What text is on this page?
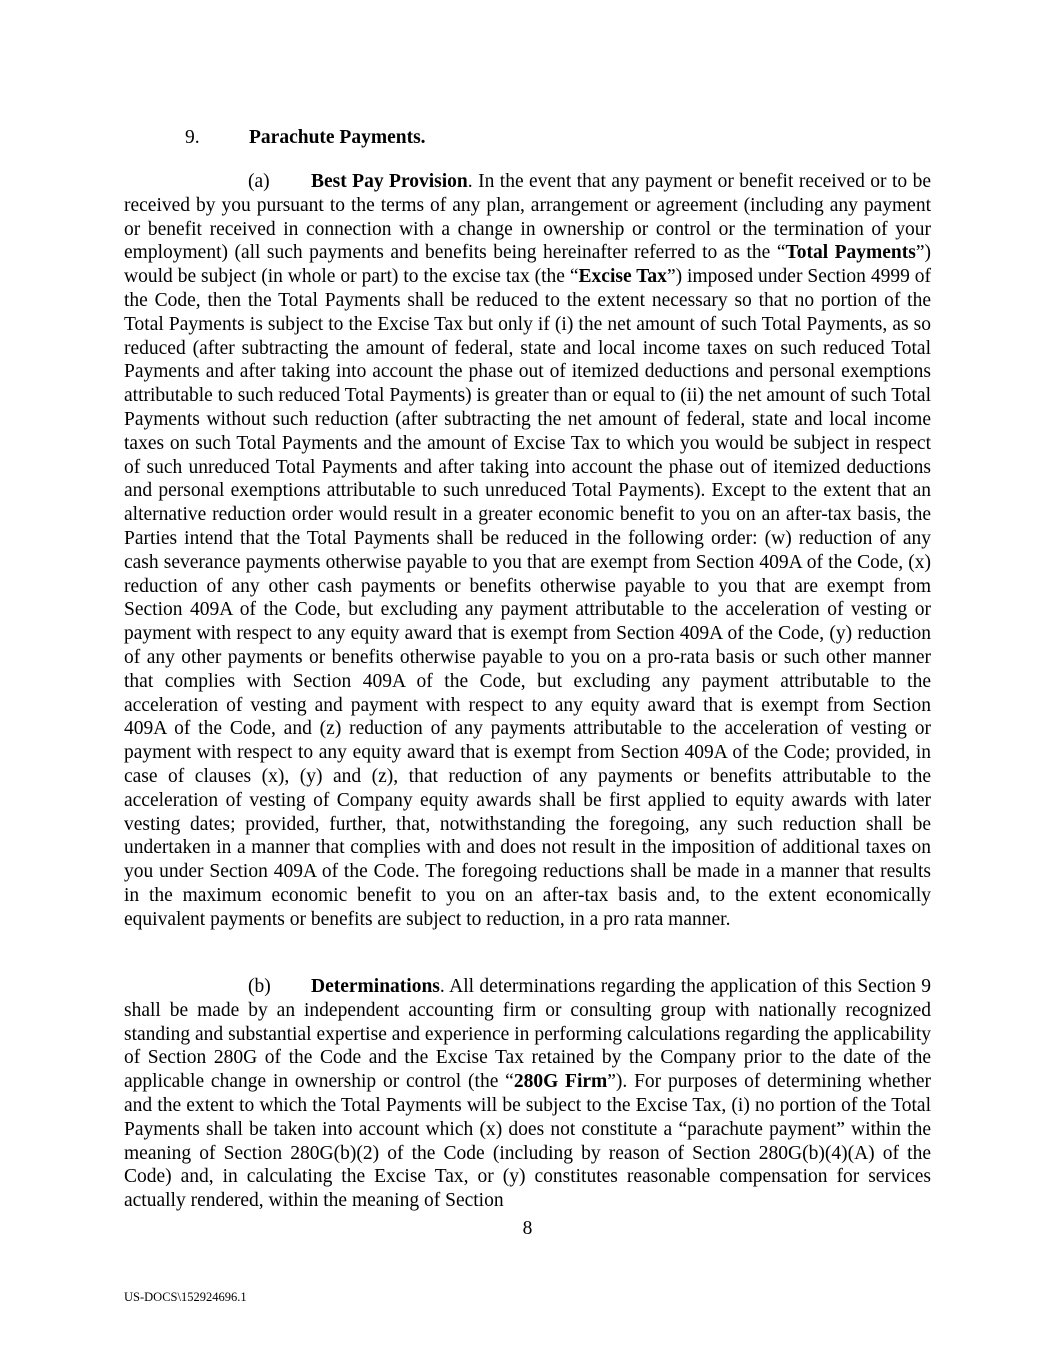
9.	Parachute Payments.

(a) Best Pay Provision. In the event that any payment or benefit received or to be received by you pursuant to the terms of any plan, arrangement or agreement (including any payment or benefit received in connection with a change in ownership or control or the termination of your employment) (all such payments and benefits being hereinafter referred to as the “Total Payments”) would be subject (in whole or part) to the excise tax (the “Excise Tax”) imposed under Section 4999 of the Code, then the Total Payments shall be reduced to the extent necessary so that no portion of the Total Payments is subject to the Excise Tax but only if (i) the net amount of such Total Payments, as so reduced (after subtracting the amount of federal, state and local income taxes on such reduced Total Payments and after taking into account the phase out of itemized deductions and personal exemptions attributable to such reduced Total Payments) is greater than or equal to (ii) the net amount of such Total Payments without such reduction (after subtracting the net amount of federal, state and local income taxes on such Total Payments and the amount of Excise Tax to which you would be subject in respect of such unreduced Total Payments and after taking into account the phase out of itemized deductions and personal exemptions attributable to such unreduced Total Payments). Except to the extent that an alternative reduction order would result in a greater economic benefit to you on an after-tax basis, the Parties intend that the Total Payments shall be reduced in the following order: (w) reduction of any cash severance payments otherwise payable to you that are exempt from Section 409A of the Code, (x) reduction of any other cash payments or benefits otherwise payable to you that are exempt from Section 409A of the Code, but excluding any payment attributable to the acceleration of vesting or payment with respect to any equity award that is exempt from Section 409A of the Code, (y) reduction of any other payments or benefits otherwise payable to you on a pro-rata basis or such other manner that complies with Section 409A of the Code, but excluding any payment attributable to the acceleration of vesting and payment with respect to any equity award that is exempt from Section 409A of the Code, and (z) reduction of any payments attributable to the acceleration of vesting or payment with respect to any equity award that is exempt from Section 409A of the Code; provided, in case of clauses (x), (y) and (z), that reduction of any payments or benefits attributable to the acceleration of vesting of Company equity awards shall be first applied to equity awards with later vesting dates; provided, further, that, notwithstanding the foregoing, any such reduction shall be undertaken in a manner that complies with and does not result in the imposition of additional taxes on you under Section 409A of the Code. The foregoing reductions shall be made in a manner that results in the maximum economic benefit to you on an after-tax basis and, to the extent economically equivalent payments or benefits are subject to reduction, in a pro rata manner.

(b) Determinations. All determinations regarding the application of this Section 9 shall be made by an independent accounting firm or consulting group with nationally recognized standing and substantial expertise and experience in performing calculations regarding the applicability of Section 280G of the Code and the Excise Tax retained by the Company prior to the date of the applicable change in ownership or control (the “280G Firm”). For purposes of determining whether and the extent to which the Total Payments will be subject to the Excise Tax, (i) no portion of the Total Payments shall be taken into account which (x) does not constitute a “parachute payment” within the meaning of Section 280G(b)(2) of the Code (including by reason of Section 280G(b)(4)(A) of the Code) and, in calculating the Excise Tax, or (y) constitutes reasonable compensation for services actually rendered, within the meaning of Section

8
US-DOCS\152924696.1
